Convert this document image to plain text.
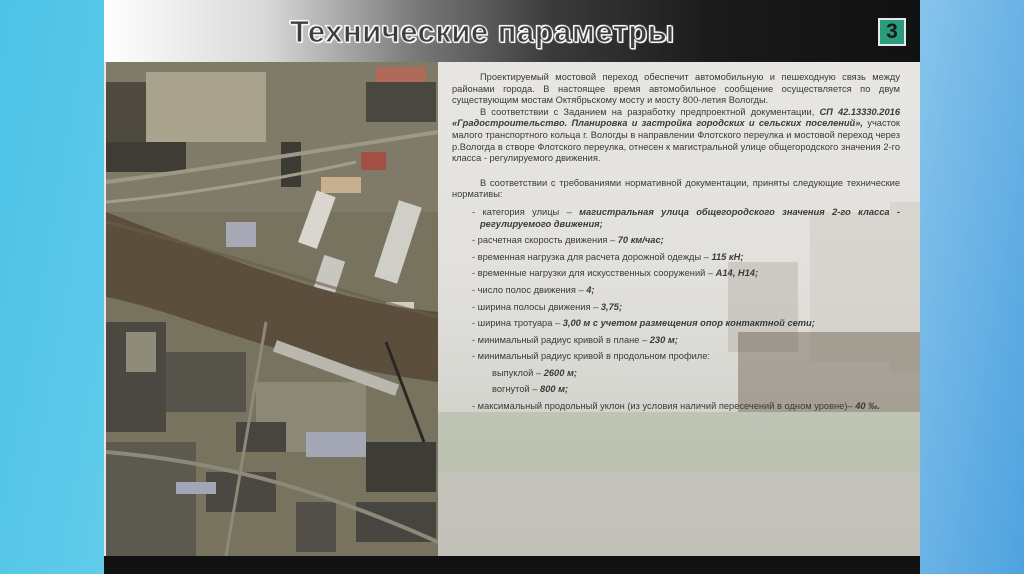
Технические параметры	3

Проектируемый мостовой переход обеспечит автомобильную и пешеходную связь между районами города. В настоящее время автомобильное сообщение осуществляется по двум существующим мостам Октябрьскому мосту и мосту 800-летия Вологды.

В соответствии с Заданием на разработку предпроектной документации, СП 42.13330.2016 «Градостроительство. Планировка и застройка городских и сельских поселений», участок малого транспортного кольца г. Вологды в направлении Флотского переулка и мостовой переход через р.Вологда в створе Флотского переулка, отнесен к магистральной улице общегородского значения 2-го класса - регулируемого движения.

В соответствии с требованиями нормативной документации, приняты следующие технические нормативы:

- категория улицы – магистральная улица общегородского значения 2-го класса - регулируемого движения;

- расчетная скорость движения – 70 км/час;

- временная нагрузка для расчета дорожной одежды – 115 кН;

- временные нагрузки для искусственных сооружений – А14, Н14;

- число полос движения – 4;

- ширина полосы движения – 3,75;

- ширина тротуара – 3,00 м с учетом размещения опор контактной сети;

- минимальный радиус кривой в плане – 230 м;

- минимальный радиус кривой в продольном профиле:

выпуклой – 2600 м;

вогнутой – 800 м;

- максимальный продольный уклон (из условия наличий пересечений в одном уровне)– 40 ‰.
